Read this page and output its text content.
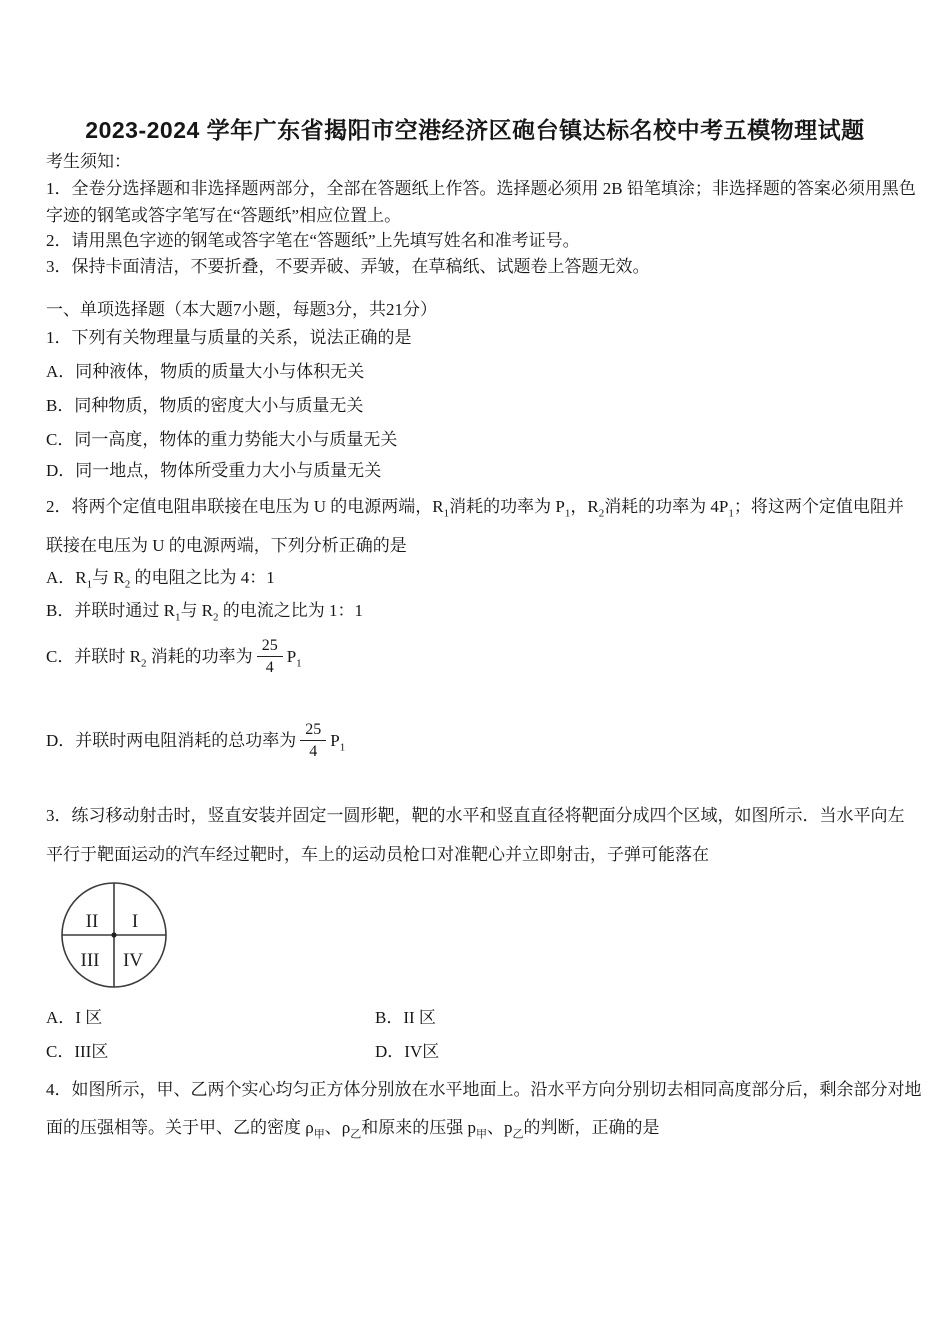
2023-2024 学年广东省揭阳市空港经济区砲台镇达标名校中考五模物理试题
考生须知：
1．全卷分选择题和非选择题两部分，全部在答题纸上作答。选择题必须用 2B 铅笔填涂；非选择题的答案必须用黑色
字迹的钢笔或答字笔写在“答题纸”相应位置上。
2．请用黑色字迹的钢笔或答字笔在“答题纸”上先填写姓名和准考证号。
3．保持卡面清洁，不要折叠，不要弄破、弄皱，在草稿纸、试题卷上答题无效。
一、单项选择题（本大题7小题，每题3分，共21分）
1．下列有关物理量与质量的关系，说法正确的是
A．同种液体，物质的质量大小与体积无关
B．同种物质，物质的密度大小与质量无关
C．同一高度，物体的重力势能大小与质量无关
D．同一地点，物体所受重力大小与质量无关
2．将两个定值电阻串联接在电压为 U 的电源两端，$R_1$消耗的功率为 $P_1$，$R_2$消耗的功率为 $4P_1$；将这两个定值电阻并
联接在电压为 U 的电源两端，下列分析正确的是
A．$R_1$与 $R_2$ 的电阻之比为 4：1
B．并联时通过 $R_1$与 $R_2$ 的电流之比为 1：1
C．并联时 $R_2$ 消耗的功率为 $\frac{25}{4} P_1$
D．并联时两电阻消耗的总功率为 $\frac{25}{4} P_1$
3．练习移动射击时，竖直安装并固定一圆形靶，靶的水平和竖直直径将靶面分成四个区域，如图所示．当水平向左
平行于靶面运动的汽车经过靶时，车上的运动员枪口对准靶心并立即射击，子弹可能落在
II I
III IV
A．I 区	B．II 区
C．III区	D．IV区
4．如图所示，甲、乙两个实心均匀正方体分别放在水平地面上。沿水平方向分别切去相同高度部分后，剩余部分对地
面的压强相等。关于甲、乙的密度 $\rho_甲$、$\rho_乙$和原来的压强 $p_甲$、$p_乙$的判断，正确的是
